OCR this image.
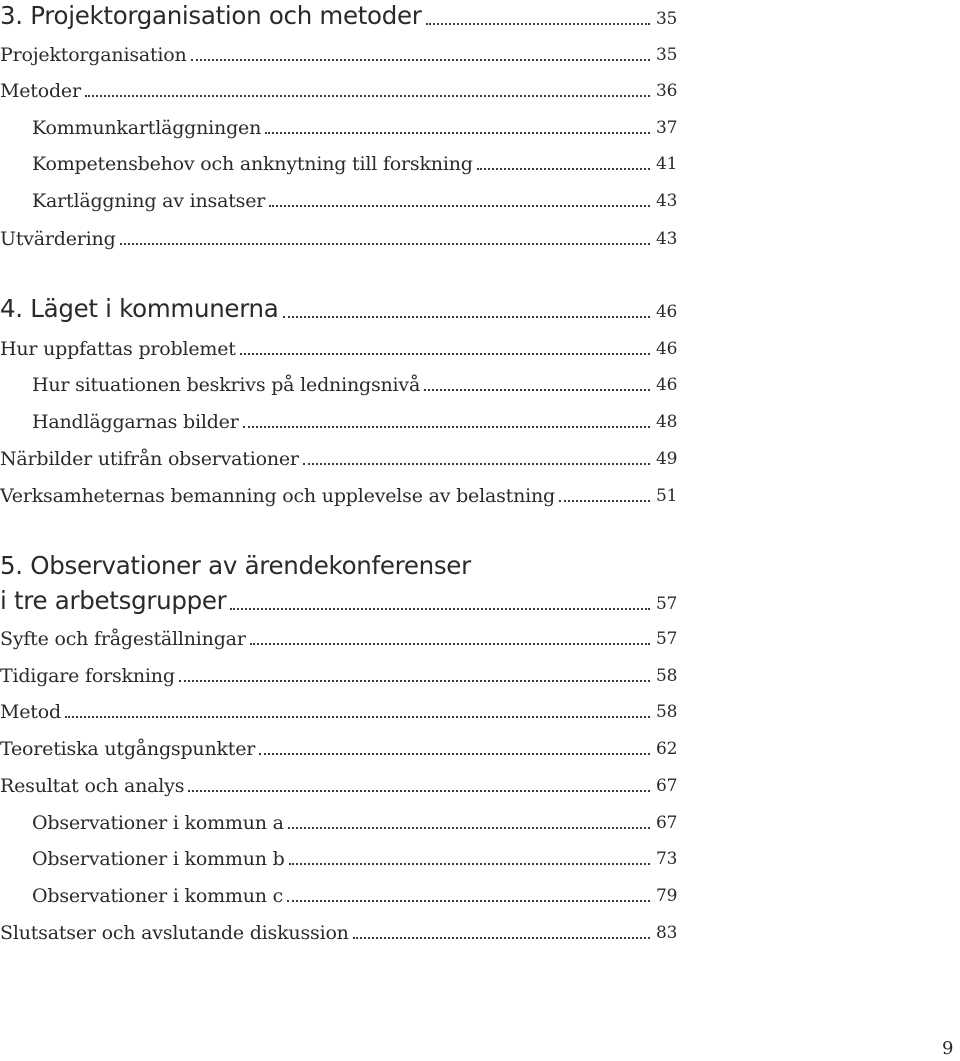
3. Projektorganisation och metoder	35
Projektorganisation	35
Metoder	36
Kommunkartläggningen	37
Kompetensbehov och anknytning till forskning	41
Kartläggning av insatser	43
Utvärdering	43
4. Läget i kommunerna	46
Hur uppfattas problemet	46
Hur situationen beskrivs på ledningsnivå	46
Handläggarnas bilder	48
Närbilder utifrån observationer	49
Verksamheternas bemanning och upplevelse av belastning	51
5. Observationer av ärendekonferenser
i tre arbetsgrupper	57
Syfte och frågeställningar	57
Tidigare forskning	58
Metod	58
Teoretiska utgångspunkter	62
Resultat och analys	67
Observationer i kommun a	67
Observationer i kommun b	73
Observationer i kommun c	79
Slutsatser och avslutande diskussion	83
9
